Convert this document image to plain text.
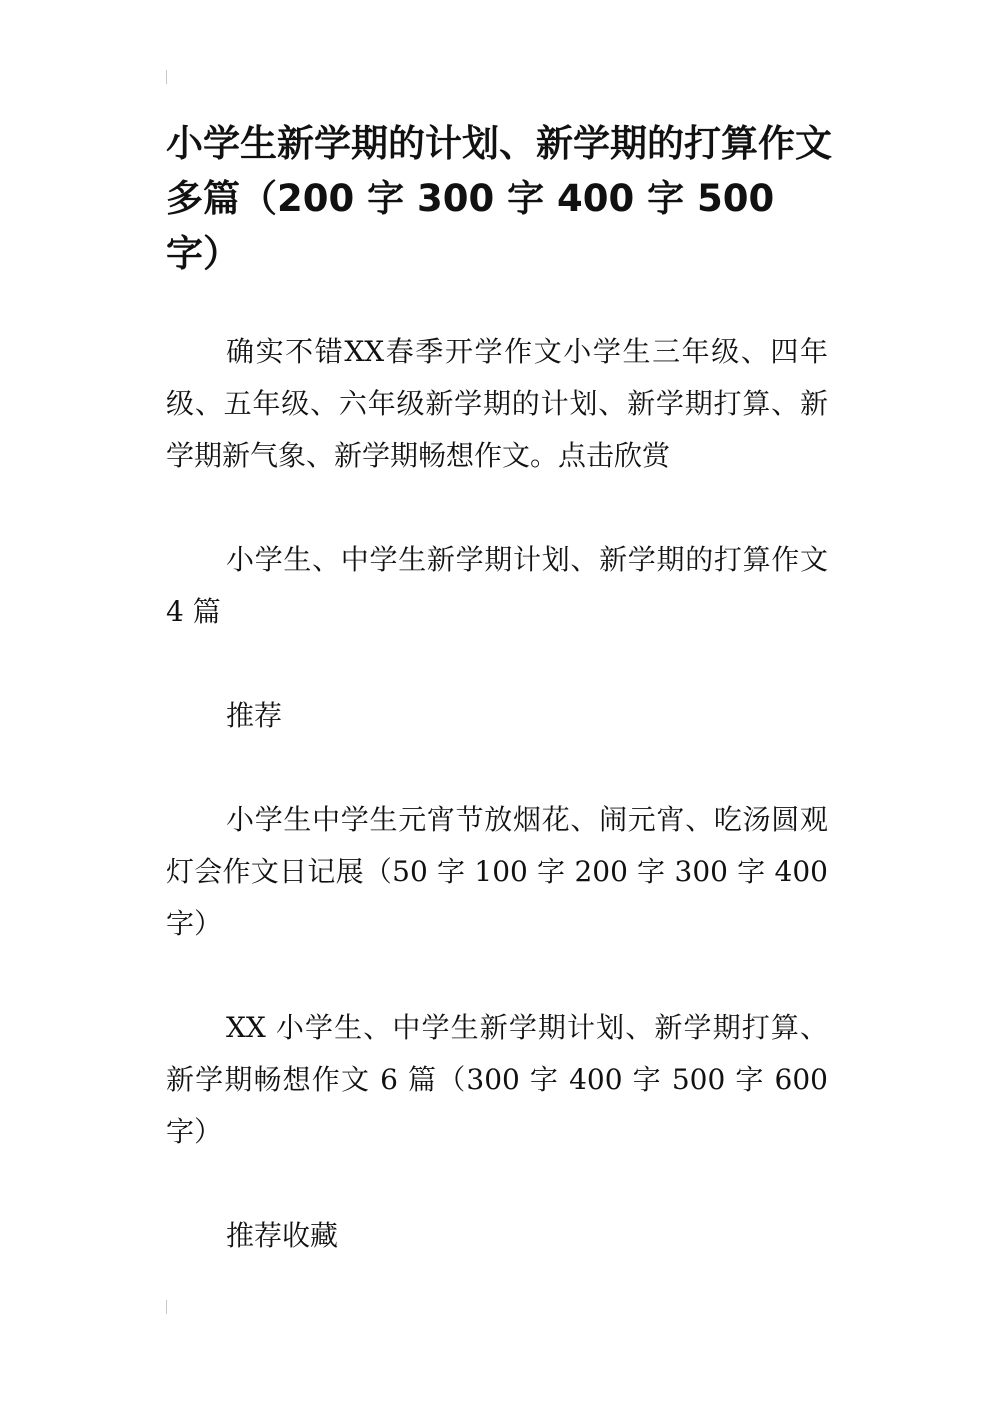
小学生新学期的计划、新学期的打算作文多篇（200 字 300 字 400 字 500 字）

确实不错XX春季开学作文小学生三年级、四年级、五年级、六年级新学期的计划、新学期打算、新学期新气象、新学期畅想作文。点击欣赏

小学生、中学生新学期计划、新学期的打算作文 4 篇

推荐

小学生中学生元宵节放烟花、闹元宵、吃汤圆观灯会作文日记展（50 字 100 字 200 字 300 字 400 字）

XX 小学生、中学生新学期计划、新学期打算、新学期畅想作文 6 篇（300 字 400 字 500 字 600 字）

推荐收藏
